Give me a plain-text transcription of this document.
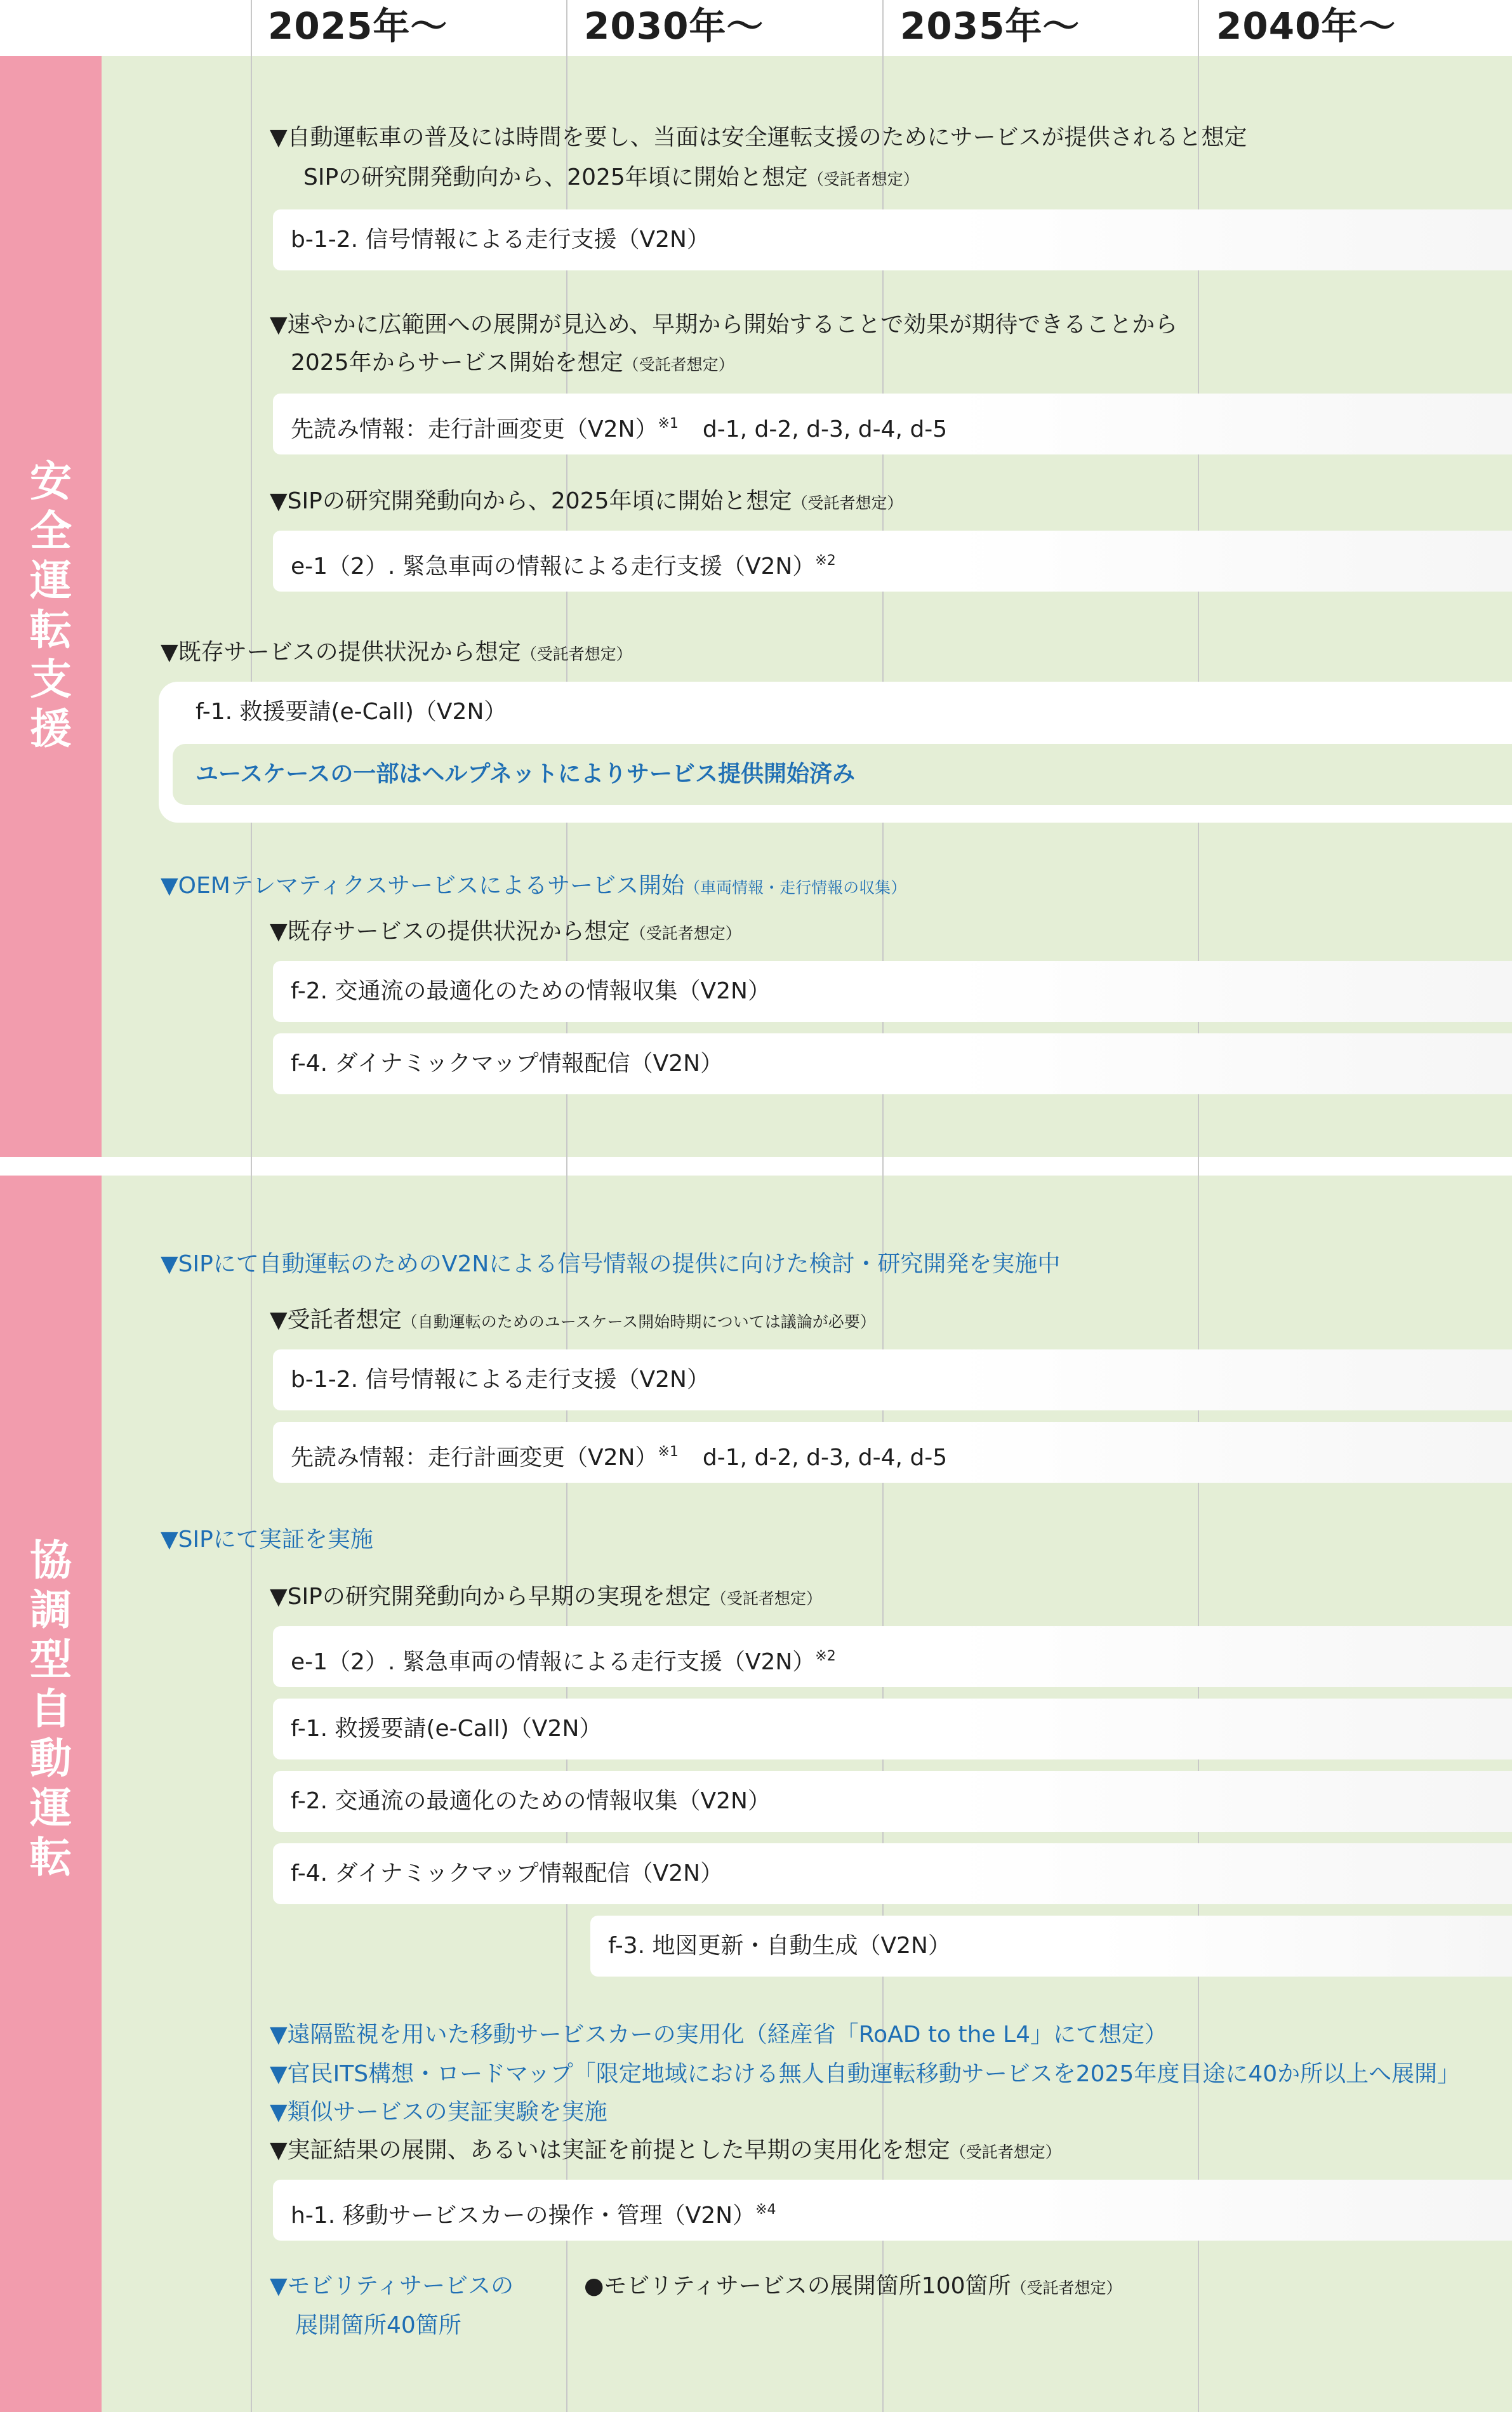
2025年〜	2030年〜	2035年〜	2040年〜
安全運転支援
協調型自動運転
▼自動運転車の普及には時間を要し、当面は安全運転支援のためにサービスが提供されると想定
SIPの研究開発動向から、2025年頃に開始と想定（受託者想定）
b-1-2. 信号情報による走行支援（V2N）
▼速やかに広範囲への展開が見込め、早期から開始することで効果が期待できることから
2025年からサービス開始を想定（受託者想定）
先読み情報：走行計画変更$(V2N)^{※1}$ d-1, d-2, d-3, d-4, d-5
▼SIPの研究開発動向から、2025年頃に開始と想定（受託者想定）
e-1（2）. 緊急車両の情報による走行支援$(V2N)^{※2}$
▼既存サービスの提供状況から想定（受託者想定）
f-1. 救援要請(e-Call)（V2N）
ユースケースの一部はヘルプネットによりサービス提供開始済み
▼OEMテレマティクスサービスによるサービス開始（車両情報・走行情報の収集）
▼既存サービスの提供状況から想定（受託者想定）
f-2. 交通流の最適化のための情報収集（V2N）
f-4. ダイナミックマップ情報配信（V2N）
▼SIPにて自動運転のためのV2Nによる信号情報の提供に向けた検討・研究開発を実施中
▼受託者想定（自動運転のためのユースケース開始時期については議論が必要）
b-1-2. 信号情報による走行支援（V2N）
先読み情報：走行計画変更$(V2N)^{※1}$ d-1, d-2, d-3, d-4, d-5
▼SIPにて実証を実施
▼SIPの研究開発動向から早期の実現を想定（受託者想定）
e-1（2）. 緊急車両の情報による走行支援$(V2N)^{※2}$
f-1. 救援要請(e-Call)（V2N）
f-2. 交通流の最適化のための情報収集（V2N）
f-4. ダイナミックマップ情報配信（V2N）
f-3. 地図更新・自動生成（V2N）
▼遠隔監視を用いた移動サービスカーの実用化（経産省「RoAD to the L4」にて想定）
▼官民ITS構想・ロードマップ「限定地域における無人自動運転移動サービスを2025年度目途に40か所以上へ展開」
▼類似サービスの実証実験を実施
▼実証結果の展開、あるいは実証を前提とした早期の実用化を想定（受託者想定）
h-1. 移動サービスカーの操作・管理$(V2N)^{※4}$
▼モビリティサービスの
展開箇所40箇所
●モビリティサービスの展開箇所100箇所（受託者想定）
